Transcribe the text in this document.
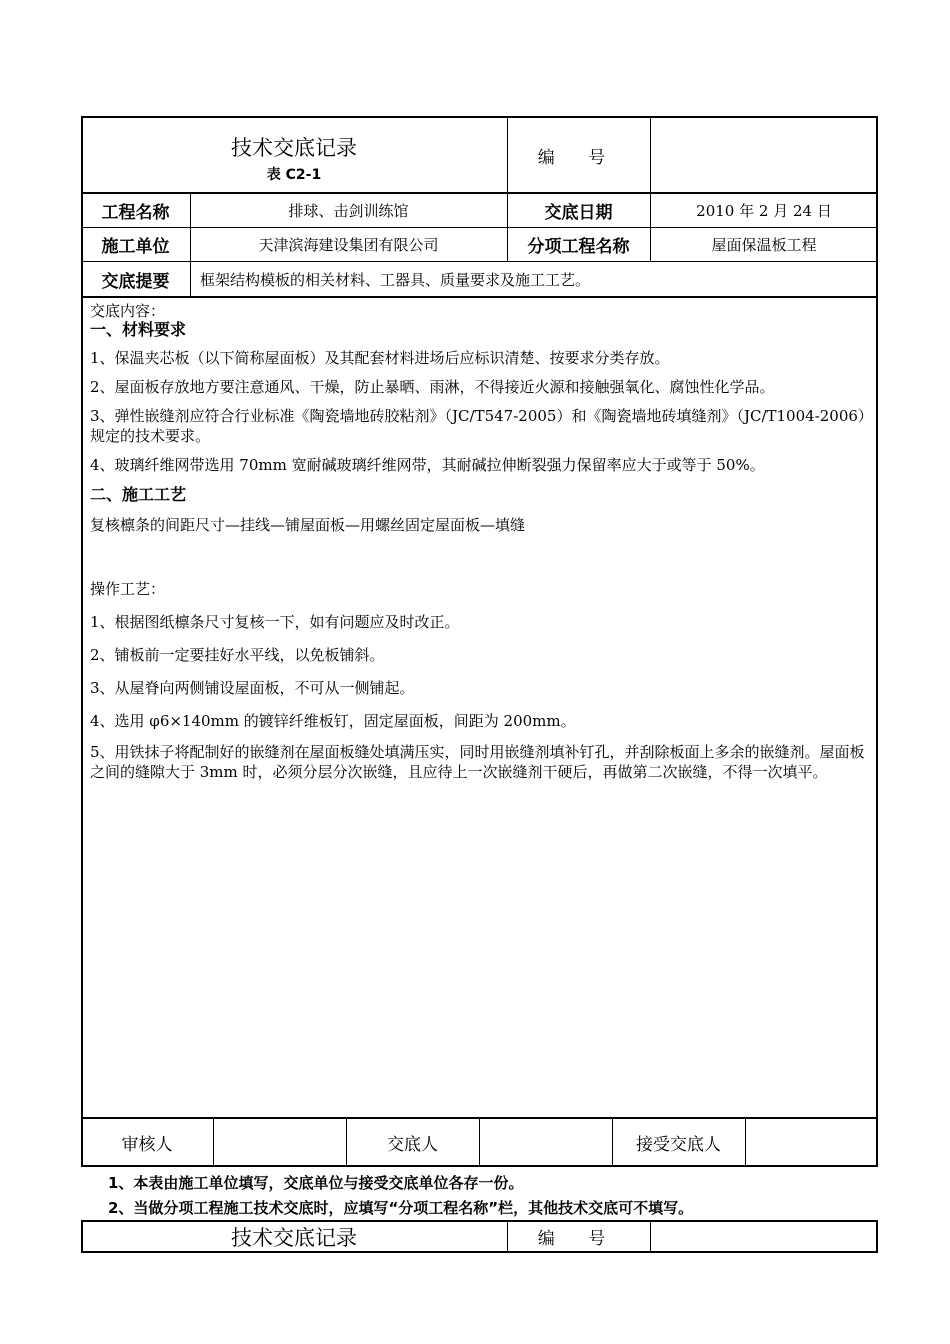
技术交底记录
表 C2-1
编 号
工程名称	排球、击剑训练馆	交底日期	2010 年 2 月 24 日
施工单位	天津滨海建设集团有限公司	分项工程名称	屋面保温板工程
交底提要	框架结构模板的相关材料、工器具、质量要求及施工工艺。

交底内容：

一、材料要求

1、保温夹芯板（以下简称屋面板）及其配套材料进场后应标识清楚、按要求分类存放。

2、屋面板存放地方要注意通风、干燥，防止暴晒、雨淋，不得接近火源和接触强氧化、腐蚀性化学品。

3、弹性嵌缝剂应符合行业标准《陶瓷墙地砖胶粘剂》（JC/T547-2005）和《陶瓷墙地砖填缝剂》（JC/T1004-2006）规定的技术要求。

4、玻璃纤维网带选用 70mm 宽耐碱玻璃纤维网带，其耐碱拉伸断裂强力保留率应大于或等于 50%。

二、施工工艺

复核檩条的间距尺寸—挂线—铺屋面板—用螺丝固定屋面板—填缝

操作工艺：

1、根据图纸檩条尺寸复核一下，如有问题应及时改正。

2、铺板前一定要挂好水平线，以免板铺斜。

3、从屋脊向两侧铺设屋面板，不可从一侧铺起。

4、选用 φ6×140mm 的镀锌纤维板钉，固定屋面板，间距为 200mm。

5、用铁抹子将配制好的嵌缝剂在屋面板缝处填满压实，同时用嵌缝剂填补钉孔，并刮除板面上多余的嵌缝剂。屋面板之间的缝隙大于 3mm 时，必须分层分次嵌缝，且应待上一次嵌缝剂干硬后，再做第二次嵌缝，不得一次填平。

审核人	交底人	接受交底人
1、本表由施工单位填写，交底单位与接受交底单位各存一份。
2、当做分项工程施工技术交底时，应填写“分项工程名称”栏，其他技术交底可不填写。
技术交底记录	编 号
